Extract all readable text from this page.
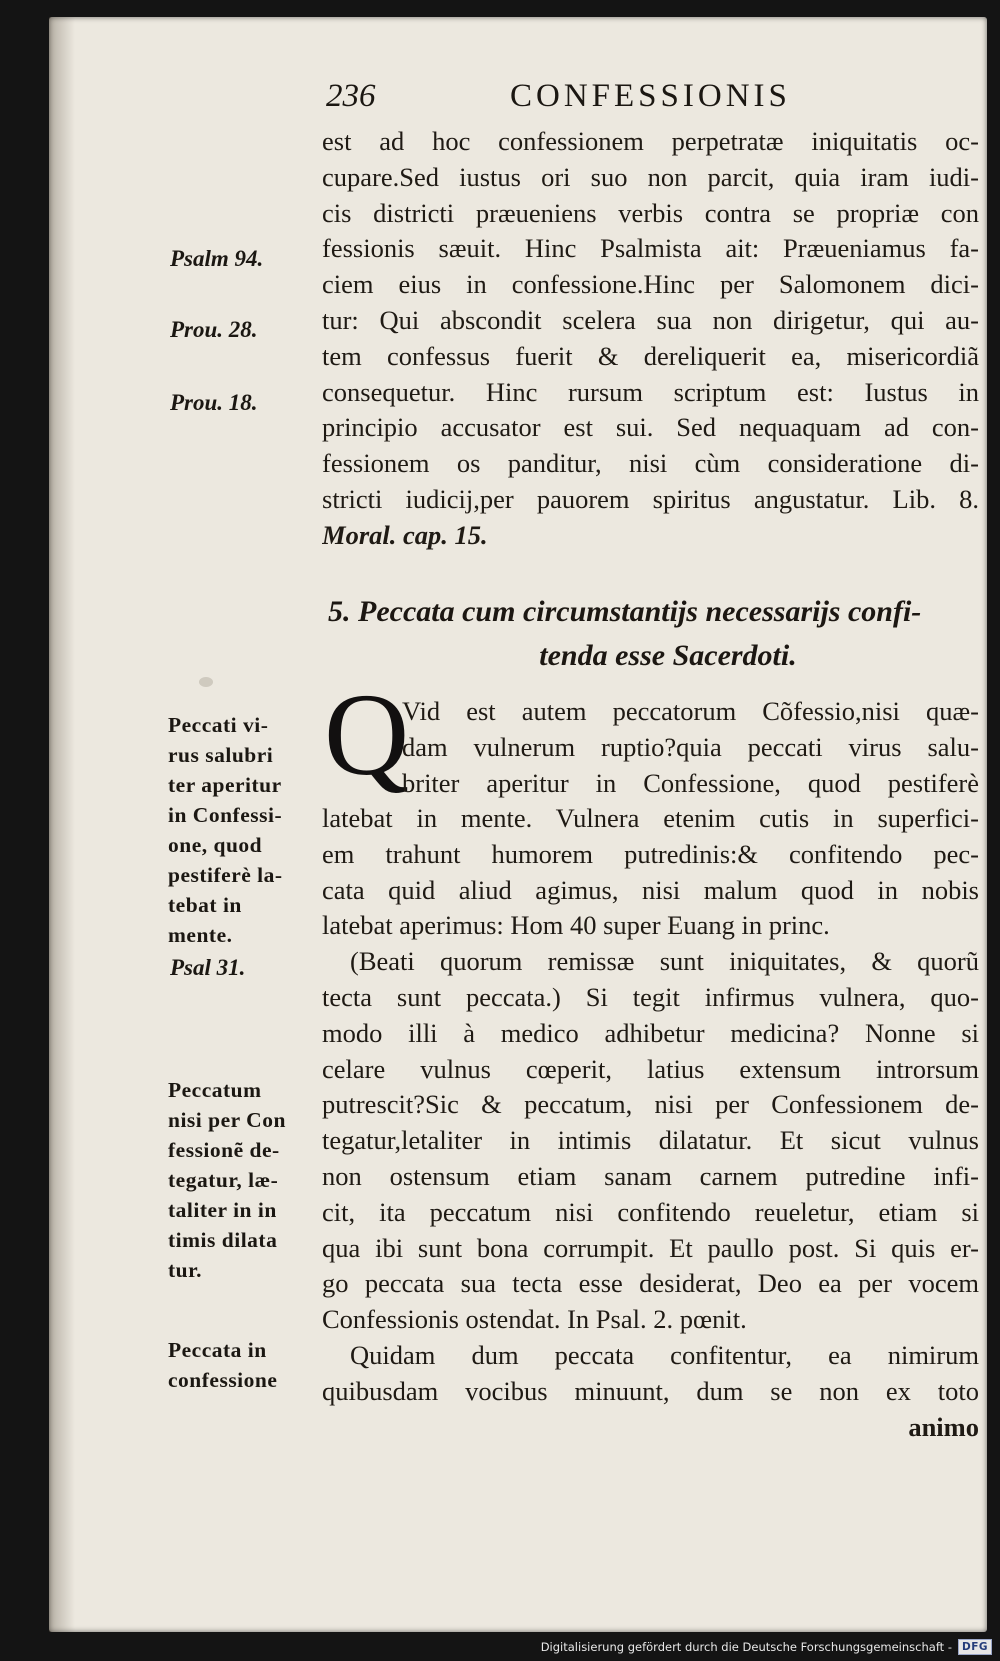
236	CONFESSIONIS
est ad hoc confessionem perpetratæ iniquitatis oc-
cupare.Sed iustus ori suo non parcit, quia iram iudi-
cis districti præueniens verbis contra se propriæ con
fessionis sæuit. Hinc Psalmista ait: Præueniamus fa-
ciem eius in confessione.Hinc per Salomonem dici-
tur: Qui abscondit scelera sua non dirigetur, qui au-
tem confessus fuerit & dereliquerit ea, misericordiã
consequetur. Hinc rursum scriptum est: Iustus in
principio accusator est sui. Sed nequaquam ad con-
fessionem os panditur, nisi cùm consideratione di-
stricti iudicij,per pauorem spiritus angustatur. Lib. 8.
Moral. cap. 15.
5. Peccata cum circumstantijs necessarijs confi-
tenda esse Sacerdoti.
Q
Vid est autem peccatorum Cõfessio,nisi quæ-
dam vulnerum ruptio?quia peccati virus salu-
briter aperitur in Confessione, quod pestiferè
latebat in mente. Vulnera etenim cutis in superfici-
em trahunt humorem putredinis:& confitendo pec-
cata quid aliud agimus, nisi malum quod in nobis
latebat aperimus: Hom 40 super Euang in princ.
(Beati quorum remissæ sunt iniquitates, & quorũ
tecta sunt peccata.) Si tegit infirmus vulnera, quo-
modo illi à medico adhibetur medicina? Nonne si
celare vulnus cœperit, latius extensum introrsum
putrescit?Sic & peccatum, nisi per Confessionem de-
tegatur,letaliter in intimis dilatatur. Et sicut vulnus
non ostensum etiam sanam carnem putredine infi-
cit, ita peccatum nisi confitendo reueletur, etiam si
qua ibi sunt bona corrumpit. Et paullo post. Si quis er-
go peccata sua tecta esse desiderat, Deo ea per vocem
Confessionis ostendat. In Psal. 2. pœnit.
Quidam dum peccata confitentur, ea nimirum
quibusdam vocibus minuunt, dum se non ex toto
animo
Psalm 94.
Prou. 28.
Prou. 18.
Psal 31.
Peccati vi-
rus salubri
ter aperitur
in Confessi-
one, quod
pestiferè la-
tebat in
mente.
Peccatum
nisi per Con
fessionẽ de-
tegatur, læ-
taliter in in
timis dilata
tur.
Peccata in
confessione
Digitalisierung gefördert durch die Deutsche Forschungsgemeinschaft - DFG
